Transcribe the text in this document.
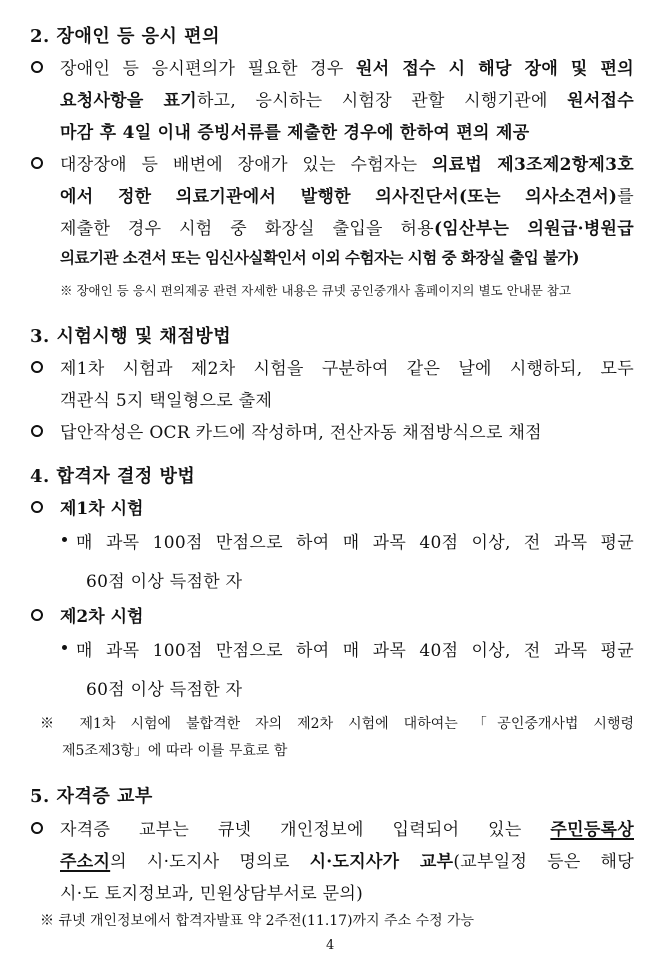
2. 장애인 등 응시 편의
장애인 등 응시편의가 필요한 경우 원서 접수 시 해당 장애 및 편의
요청사항을 표기하고, 응시하는 시험장 관할 시행기관에 원서접수
마감 후 4일 이내 증빙서류를 제출한 경우에 한하여 편의 제공
대장장애 등 배변에 장애가 있는 수험자는 의료법 제3조제2항제3호
에서 정한 의료기관에서 발행한 의사진단서(또는 의사소견서)를
제출한 경우 시험 중 화장실 출입을 허용(임산부는 의원급·병원급
의료기관 소견서 또는 임신사실확인서 이외 수험자는 시험 중 화장실 출입 불가)
※ 장애인 등 응시 편의제공 관련 자세한 내용은 큐넷 공인중개사 홈페이지의 별도 안내문 참고
3. 시험시행 및 채점방법
제1차 시험과 제2차 시험을 구분하여 같은 날에 시행하되, 모두
객관식 5지 택일형으로 출제
답안작성은 OCR 카드에 작성하며, 전산자동 채점방식으로 채점
4. 합격자 결정 방법
제1차 시험
매 과목 100점 만점으로 하여 매 과목 40점 이상, 전 과목 평균
60점 이상 득점한 자
제2차 시험
매 과목 100점 만점으로 하여 매 과목 40점 이상, 전 과목 평균
60점 이상 득점한 자
※ 제1차 시험에 불합격한 자의 제2차 시험에 대하여는 「공인중개사법 시행령
제5조제3항」에 따라 이를 무효로 함
5. 자격증 교부
자격증 교부는 큐넷 개인정보에 입력되어 있는 주민등록상
주소지의 시·도지사 명의로 시·도지사가 교부(교부일정 등은 해당
시·도 토지정보과, 민원상담부서로 문의)
※ 큐넷 개인정보에서 합격자발표 약 2주전(11.17)까지 주소 수정 가능
4
